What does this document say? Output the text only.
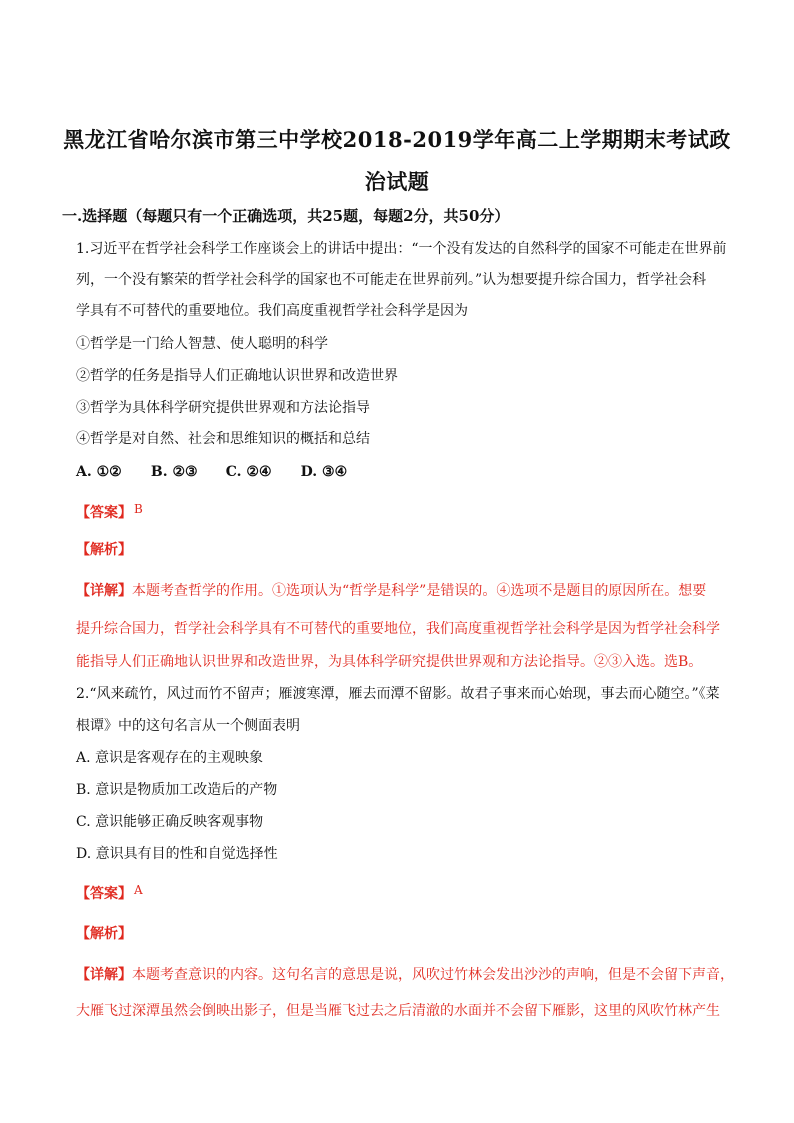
黑龙江省哈尔滨市第三中学校2018-2019学年高二上学期期末考试政
治试题
一.选择题（每题只有一个正确选项，共25题，每题2分，共50分）
1.习近平在哲学社会科学工作座谈会上的讲话中提出：“一个没有发达的自然科学的国家不可能走在世界前
列，一个没有繁荣的哲学社会科学的国家也不可能走在世界前列。”认为想要提升综合国力，哲学社会科
学具有不可替代的重要地位。我们高度重视哲学社会科学是因为
①哲学是一门给人智慧、使人聪明的科学
②哲学的任务是指导人们正确地认识世界和改造世界
③哲学为具体科学研究提供世界观和方法论指导
④哲学是对自然、社会和思维知识的概括和总结
A. ①② B. ②③ C. ②④ D. ③④
【答案】 B
【解析】
【详解】本题考查哲学的作用。①选项认为“哲学是科学”是错误的。④选项不是题目的原因所在。想要
提升综合国力，哲学社会科学具有不可替代的重要地位，我们高度重视哲学社会科学是因为哲学社会科学
能指导人们正确地认识世界和改造世界，为具体科学研究提供世界观和方法论指导。②③入选。选B。
2.“风来疏竹，风过而竹不留声；雁渡寒潭，雁去而潭不留影。故君子事来而心始现，事去而心随空。”《菜
根谭》中的这句名言从一个侧面表明
A. 意识是客观存在的主观映象
B. 意识是物质加工改造后的产物
C. 意识能够正确反映客观事物
D. 意识具有目的性和自觉选择性
【答案】 A
【解析】
【详解】本题考查意识的内容。这句名言的意思是说，风吹过竹林会发出沙沙的声响，但是不会留下声音，
大雁飞过深潭虽然会倒映出影子，但是当雁飞过去之后清澈的水面并不会留下雁影，这里的风吹竹林产生
